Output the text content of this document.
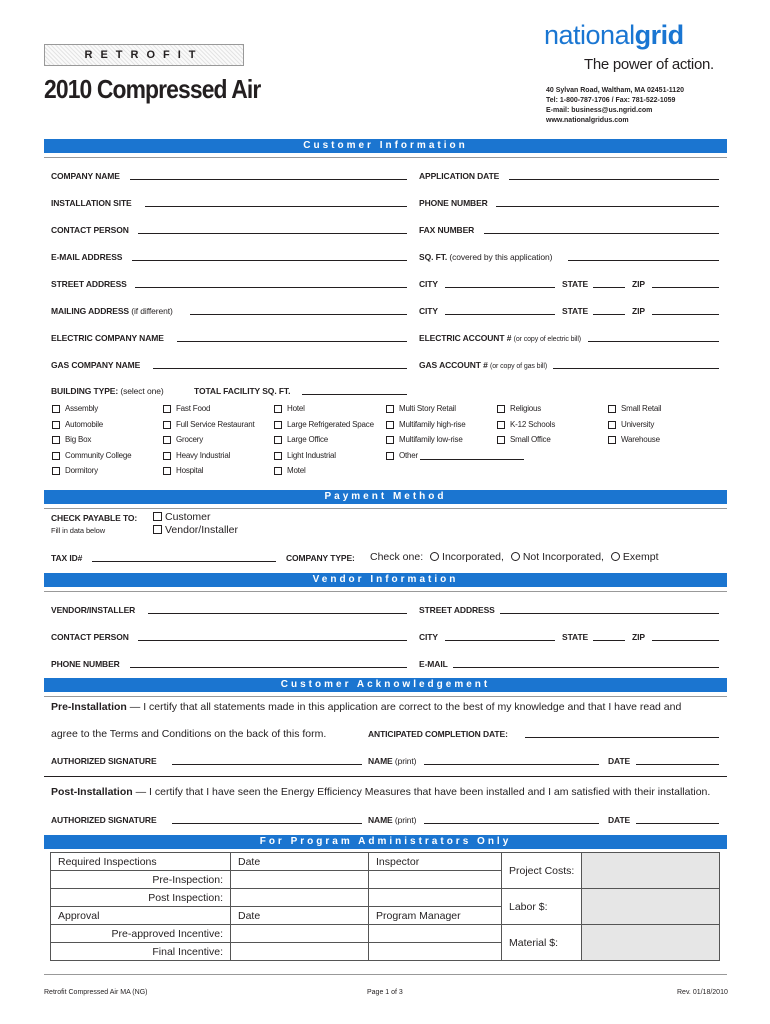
RETROFIT
2010 Compressed Air
nationalgrid
The power of action.
40 Sylvan Road, Waltham, MA 02451-1120
Tel: 1-800-787-1706 / Fax: 781-522-1059
E-mail: business@us.ngrid.com
www.nationalgridus.com
Customer Information
COMPANY NAME	APPLICATION DATE
INSTALLATION SITE	PHONE NUMBER
CONTACT PERSON	FAX NUMBER
E-MAIL ADDRESS	SQ. FT. (covered by this application)
STREET ADDRESS	CITY	STATE	ZIP
MAILING ADDRESS (if different)	CITY	STATE	ZIP
ELECTRIC COMPANY NAME	ELECTRIC ACCOUNT # (or copy of electric bill)
GAS COMPANY NAME	GAS ACCOUNT # (or copy of gas bill)
BUILDING TYPE: (select one)	TOTAL FACILITY SQ. FT.
Assembly
Automobile
Big Box
Community College
Dormitory
Fast Food
Full Service Restaurant
Grocery
Heavy Industrial
Hospital
Hotel
Large Refrigerated Space
Large Office
Light Industrial
Motel
Multi Story Retail
Multifamily high-rise
Multifamily low-rise
Other
Religious
K-12 Schools
Small Office
Small Retail
University
Warehouse
Payment Method
CHECK PAYABLE TO:
Fill in data below
Customer
Vendor/Installer
TAX ID#	COMPANY TYPE: Check one: Incorporated, Not Incorporated, Exempt
Vendor Information
VENDOR/INSTALLER	STREET ADDRESS
CONTACT PERSON	CITY	STATE	ZIP
PHONE NUMBER	E-MAIL
Customer Acknowledgement
Pre-Installation — I certify that all statements made in this application are correct to the best of my knowledge and that I have read and
agree to the Terms and Conditions on the back of this form.	ANTICIPATED COMPLETION DATE:
AUTHORIZED SIGNATURE	NAME (print)	DATE
Post-Installation — I certify that I have seen the Energy Efficiency Measures that have been installed and I am satisfied with their installation.
AUTHORIZED SIGNATURE	NAME (print)	DATE
For Program Administrators Only
Required Inspections	Date	Inspector	Project Costs:	
Pre-Inspection:				
Post Inspection:			Labor $:	
Approval	Date	Program Manager		
Pre-approved Incentive:			Material $:	
Final Incentive:				
Retrofit Compressed Air MA (NG)	Page 1 of 3	Rev. 01/18/2010
